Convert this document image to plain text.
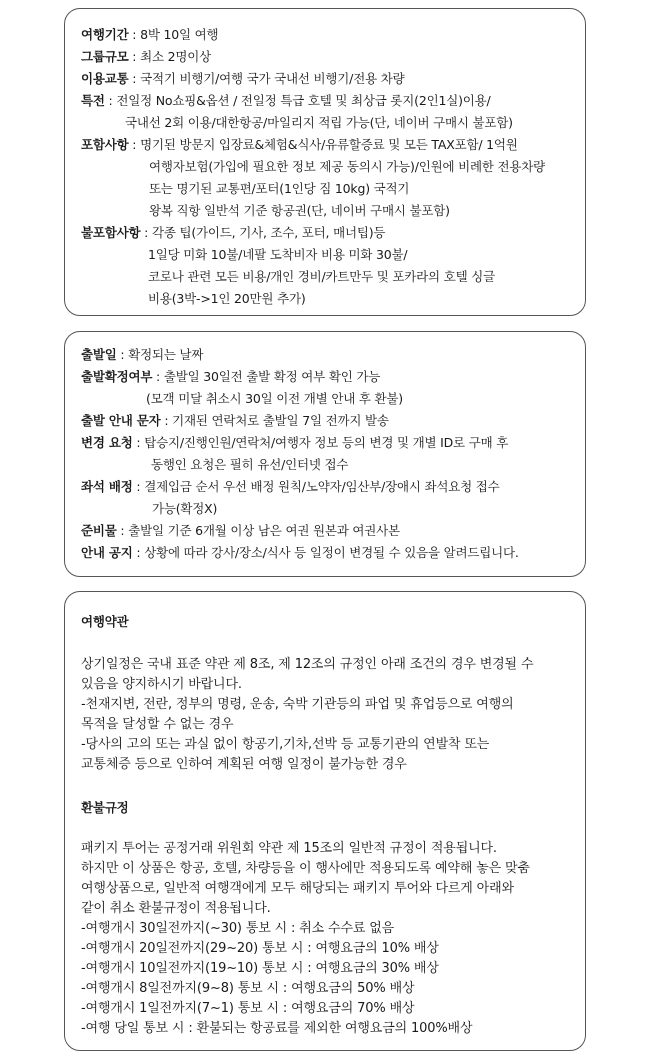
여행기간 : 8박 10일 여행
그룹규모 : 최소 2명이상
이용교통 : 국적기 비행기/여행 국가 국내선 비행기/전용 차량
특전 : 전일정 No쇼핑&옵션 / 전일정 특급 호텔 및 최상급 롯지(2인1실)이용/
국내선 2회 이용/대한항공/마일리지 적립 가능(단, 네이버 구매시 불포함)
포함사항 : 명기된 방문지 입장료&체험&식사/유류할증료 및 모든 TAX포함/ 1억원
여행자보험(가입에 필요한 정보 제공 동의시 가능)/인원에 비례한 전용차량
또는 명기된 교통편/포터(1인당 짐 10kg) 국적기
왕복 직항 일반석 기준 항공권(단, 네이버 구매시 불포함)
불포함사항 : 각종 팁(가이드, 기사, 조수, 포터, 매너팁)등
1일당 미화 10불/네팔 도착비자 비용 미화 30불/
코로나 관련 모든 비용/개인 경비/카트만두 및 포카라의 호텔 싱글
비용(3박->1인 20만원 추가)
출발일 : 확정되는 날짜
출발확정여부 : 출발일 30일전 출발 확정 여부 확인 가능
(모객 미달 취소시 30일 이전 개별 안내 후 환불)
출발 안내 문자 : 기재된 연락처로 출발일 7일 전까지 발송
변경 요청 : 탑승지/진행인원/연락처/여행자 정보 등의 변경 및 개별 ID로 구매 후
동행인 요청은 필히 유선/인터넷 접수
좌석 배정 : 결제입금 순서 우선 배정 원칙/노약자/임산부/장애시 좌석요청 접수
가능(확정X)
준비물 : 출발일 기준 6개월 이상 남은 여권 원본과 여권사본
안내 공지 : 상황에 따라 강사/장소/식사 등 일정이 변경될 수 있음을 알려드립니다.
여행약관
상기일정은 국내 표준 약관 제 8조, 제 12조의 규정인 아래 조건의 경우 변경될 수
있음을 양지하시기 바랍니다.
-천재지변, 전란, 정부의 명령, 운송, 숙박 기관등의 파업 및 휴업등으로 여행의
목적을 달성할 수 없는 경우
-당사의 고의 또는 과실 없이 항공기,기차,선박 등 교통기관의 연발착 또는
교통체증 등으로 인하여 계획된 여행 일정이 불가능한 경우
환불규정
패키지 투어는 공정거래 위원회 약관 제 15조의 일반적 규정이 적용됩니다.
하지만 이 상품은 항공, 호텔, 차량등을 이 행사에만 적용되도록 예약해 놓은 맞춤
여행상품으로, 일반적 여행객에게 모두 해당되는 패키지 투어와 다르게 아래와
같이 취소 환불규정이 적용됩니다.
-여행개시 30일전까지(~30) 통보 시 : 취소 수수료 없음
-여행개시 20일전까지(29~20) 통보 시 : 여행요금의 10% 배상
-여행개시 10일전까지(19~10) 통보 시 : 여행요금의 30% 배상
-여행개시 8일전까지(9~8) 통보 시 : 여행요금의 50% 배상
-여행개시 1일전까지(7~1) 통보 시 : 여행요금의 70% 배상
-여행 당일 통보 시 : 환불되는 항공료를 제외한 여행요금의 100%배상
